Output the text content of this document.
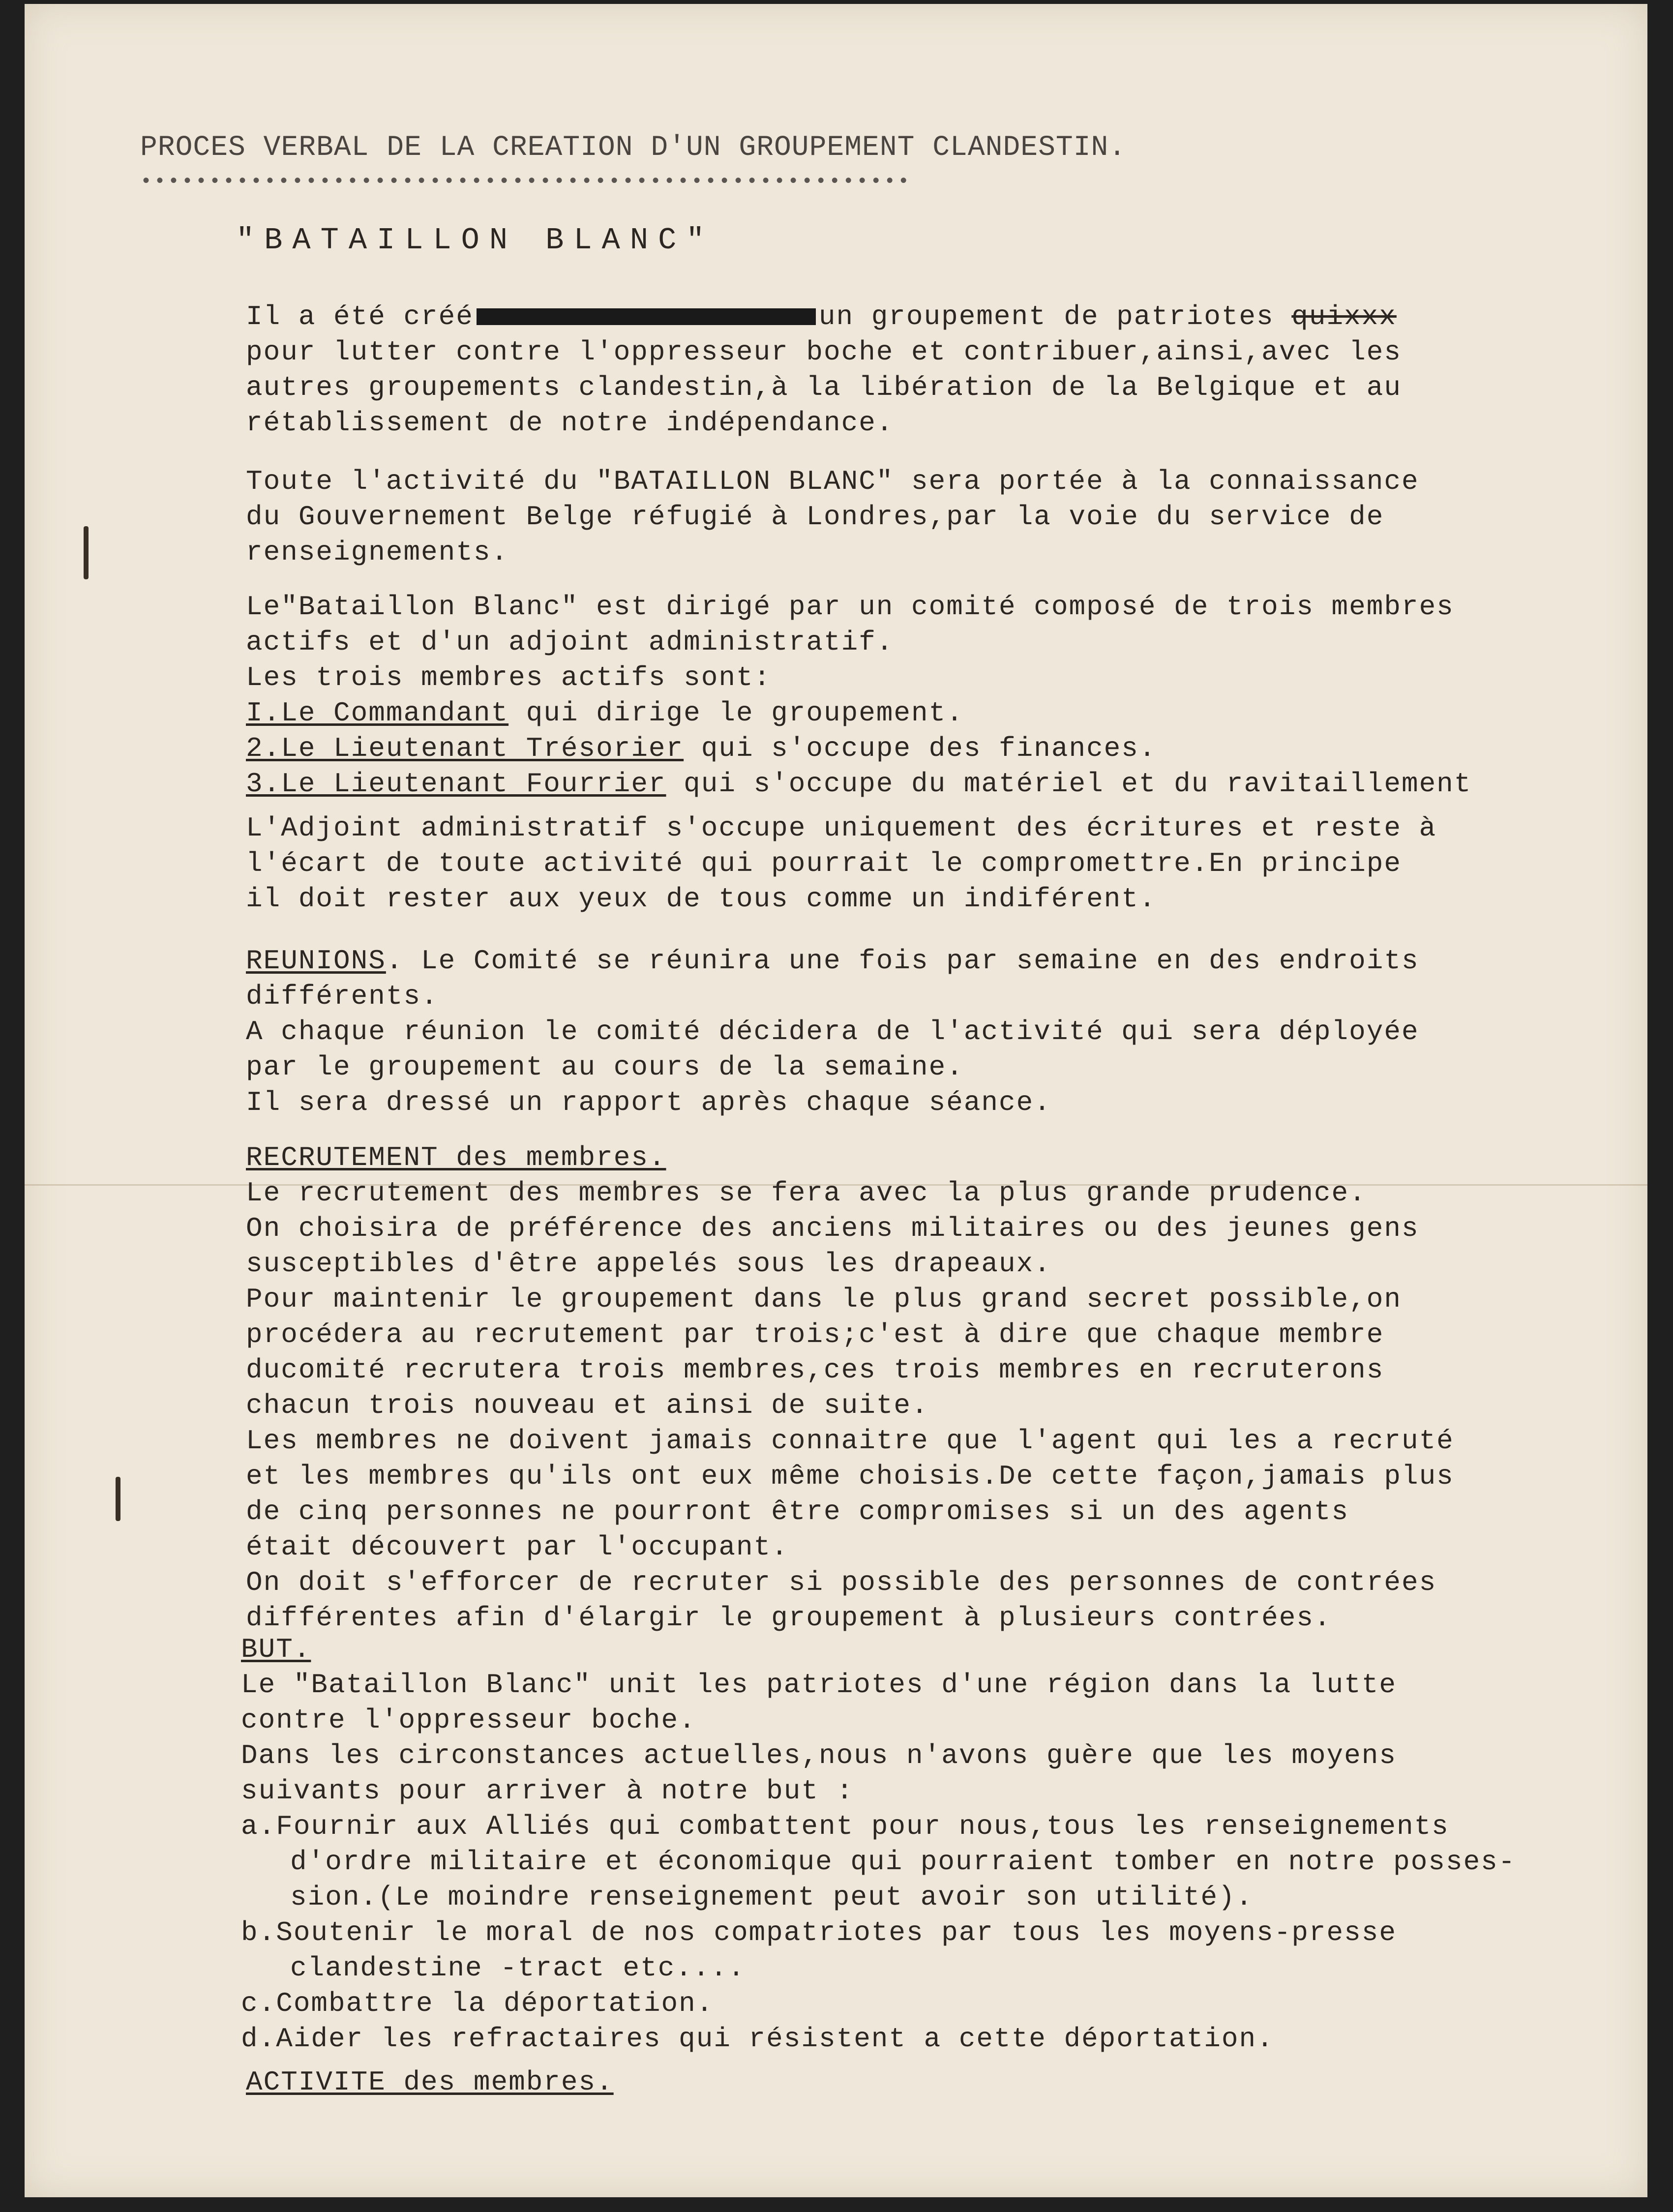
PROCES VERBAL DE LA CREATION D'UN GROUPEMENT CLANDESTIN.
••••••••••••••••••••••••••••••••••••••••••••••••••••••••
"BATAILLON BLANC"
Il a été créé	un groupement de patriotes quixxx
pour lutter contre l'oppresseur boche et contribuer,ainsi,avec les
autres groupements clandestin,à la libération de la Belgique et au
rétablissement de notre indépendance.
Toute l'activité du "BATAILLON BLANC" sera portée à la connaissance
du Gouvernement Belge réfugié à Londres,par la voie du service de
renseignements.
Le"Bataillon Blanc" est dirigé par un comité composé de trois membres
actifs et d'un adjoint administratif.
Les trois membres actifs sont:
I.Le Commandant qui dirige le groupement.
2.Le Lieutenant Trésorier qui s'occupe des finances.
3.Le Lieutenant Fourrier qui s'occupe du matériel et du ravitaillement
L'Adjoint administratif s'occupe uniquement des écritures et reste à
l'écart de toute activité qui pourrait le compromettre.En principe
il doit rester aux yeux de tous comme un indiférent.
REUNIONS. Le Comité se réunira une fois par semaine en des endroits
différents.
A chaque réunion le comité décidera de l'activité qui sera déployée
par le groupement au cours de la semaine.
Il sera dressé un rapport après chaque séance.
RECRUTEMENT des membres.
Le recrutement des membres se fera avec la plus grande prudence.
On choisira de préférence des anciens militaires ou des jeunes gens
susceptibles d'être appelés sous les drapeaux.
Pour maintenir le groupement dans le plus grand secret possible,on
procédera au recrutement par trois;c'est à dire que chaque membre
ducomité recrutera trois membres,ces trois membres en recruterons
chacun trois nouveau et ainsi de suite.
Les membres ne doivent jamais connaitre que l'agent qui les a recruté
et les membres qu'ils ont eux même choisis.De cette façon,jamais plus
de cinq personnes ne pourront être compromises si un des agents
était découvert par l'occupant.
On doit s'efforcer de recruter si possible des personnes de contrées
différentes afin d'élargir le groupement à plusieurs contrées.
BUT.
Le "Bataillon Blanc" unit les patriotes d'une région dans la lutte
contre l'oppresseur boche.
Dans les circonstances actuelles,nous n'avons guère que les moyens
suivants pour arriver à notre but :
a.Fournir aux Alliés qui combattent pour nous,tous les renseignements
d'ordre militaire et économique qui pourraient tomber en notre posses-
sion.(Le moindre renseignement peut avoir son utilité).
b.Soutenir le moral de nos compatriotes par tous les moyens-presse
clandestine -tract etc....
c.Combattre la déportation.
d.Aider les refractaires qui résistent a cette déportation.
ACTIVITE des membres.
